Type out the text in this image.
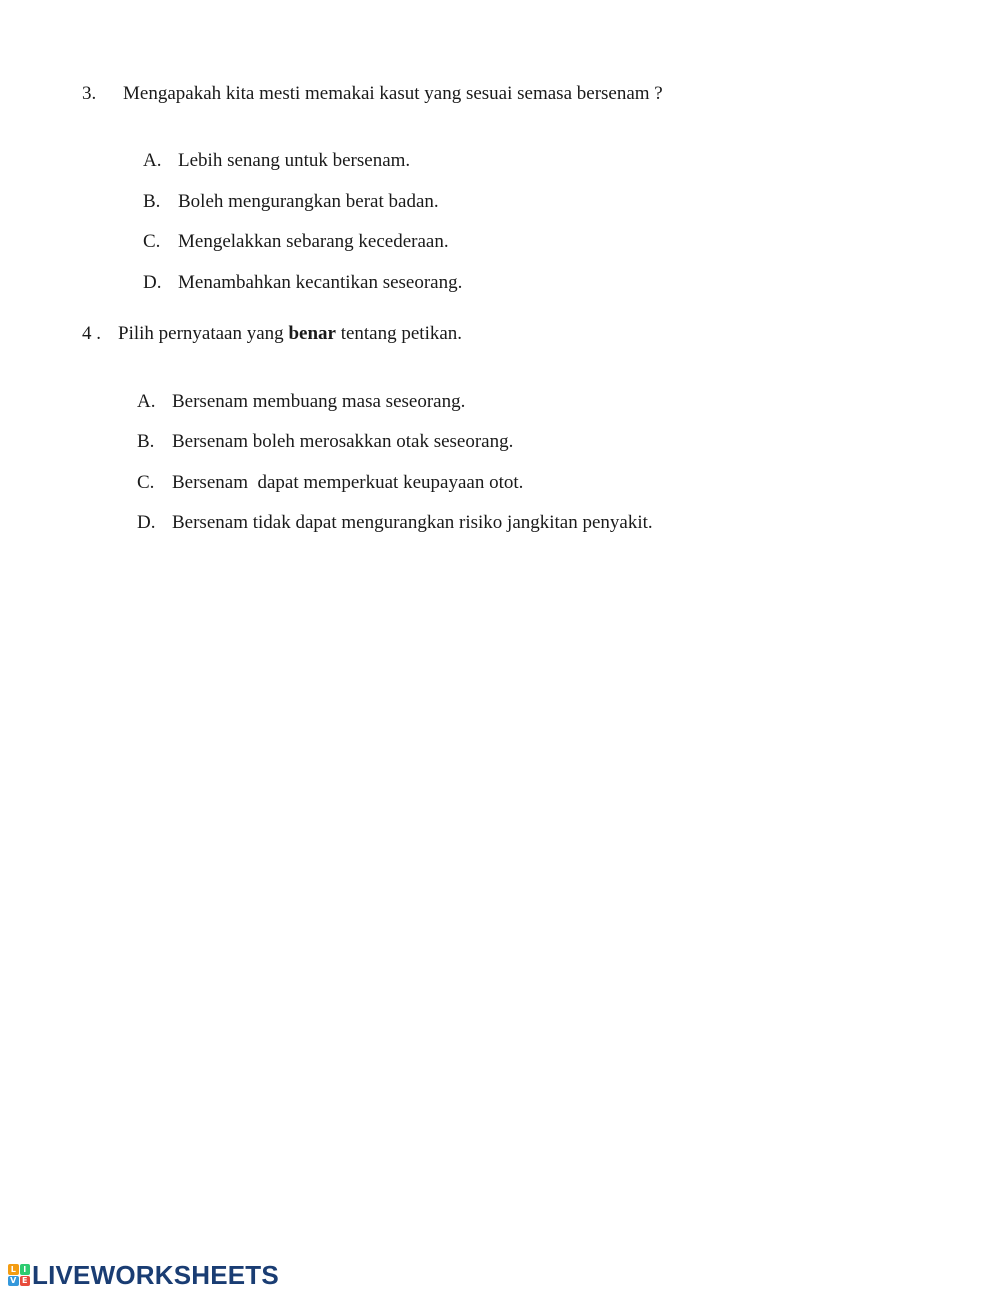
3. Mengapakah kita mesti memakai kasut yang sesuai semasa bersenam ?

A. Lebih senang untuk bersenam.

B. Boleh mengurangkan berat badan.

C. Mengelakkan sebarang kecederaan.

D. Menambahkan kecantikan seseorang.

4 . Pilih pernyataan yang benar tentang petikan.

A. Bersenam membuang masa seseorang.

B. Bersenam boleh merosakkan otak seseorang.

C. Bersenam  dapat memperkuat keupayaan otot.

D. Bersenam tidak dapat mengurangkan risiko jangkitan penyakit.

L I
V E LIVEWORKSHEETS
